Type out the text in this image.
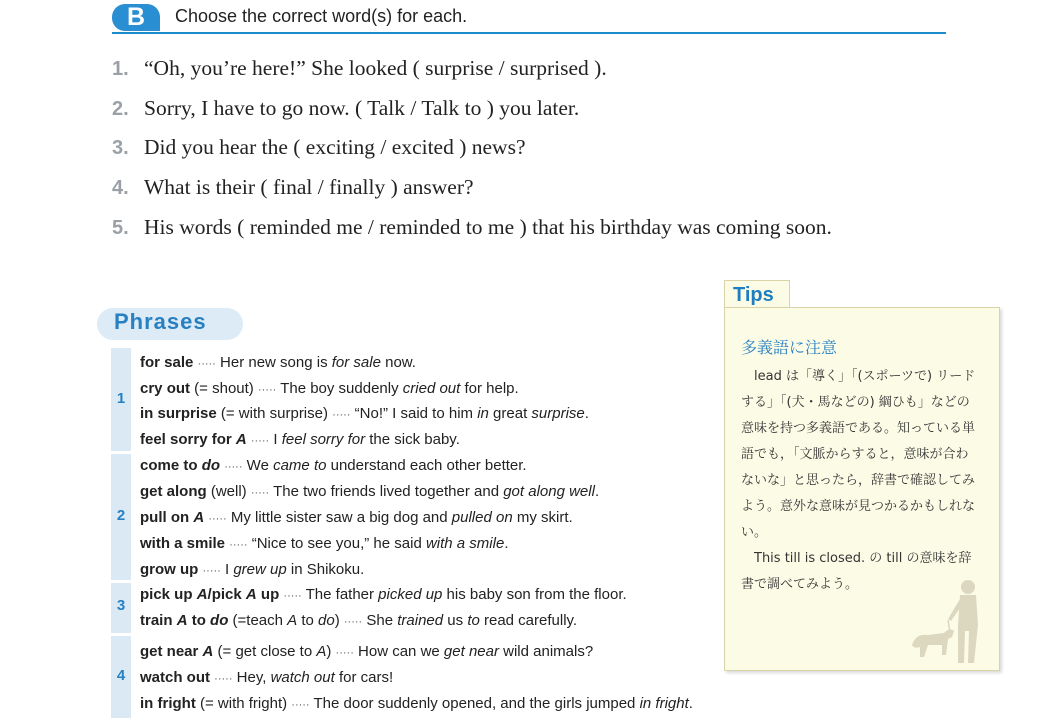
B	Choose the correct word(s) for each.
1. “Oh, you’re here!” She looked ( surprise / surprised ).
2. Sorry, I have to go now. ( Talk / Talk to ) you later.
3. Did you hear the ( exciting / excited ) news?
4. What is their ( final / finally ) answer?
5. His words ( reminded me / reminded to me ) that his birthday was coming soon.
Phrases
1
2
3
4
for sale ····· Her new song is for sale now.
cry out (= shout) ····· The boy suddenly cried out for help.
in surprise (= with surprise) ····· “No!” I said to him in great surprise.
feel sorry for A ····· I feel sorry for the sick baby.
come to do ····· We came to understand each other better.
get along (well) ····· The two friends lived together and got along well.
pull on A ····· My little sister saw a big dog and pulled on my skirt.
with a smile ····· “Nice to see you,” he said with a smile.
grow up ····· I grew up in Shikoku.
pick up A/pick A up ····· The father picked up his baby son from the floor.
train A to do (=teach A to do) ····· She trained us to read carefully.
get near A (= get close to A) ····· How can we get near wild animals?
watch out ····· Hey, watch out for cars!
in fright (= with fright) ····· The door suddenly opened, and the girls jumped in fright.
Tips
多義語に注意

lead は「導く」「(スポーツで) リードする」「(犬・馬などの) 綱ひも」などの意味を持つ多義語である。知っている単語でも，「文脈からすると，意味が合わないな」と思ったら，辞書で確認してみよう。意外な意味が見つかるかもしれない。

This till is closed. の till の意味を辞書で調べてみよう。
